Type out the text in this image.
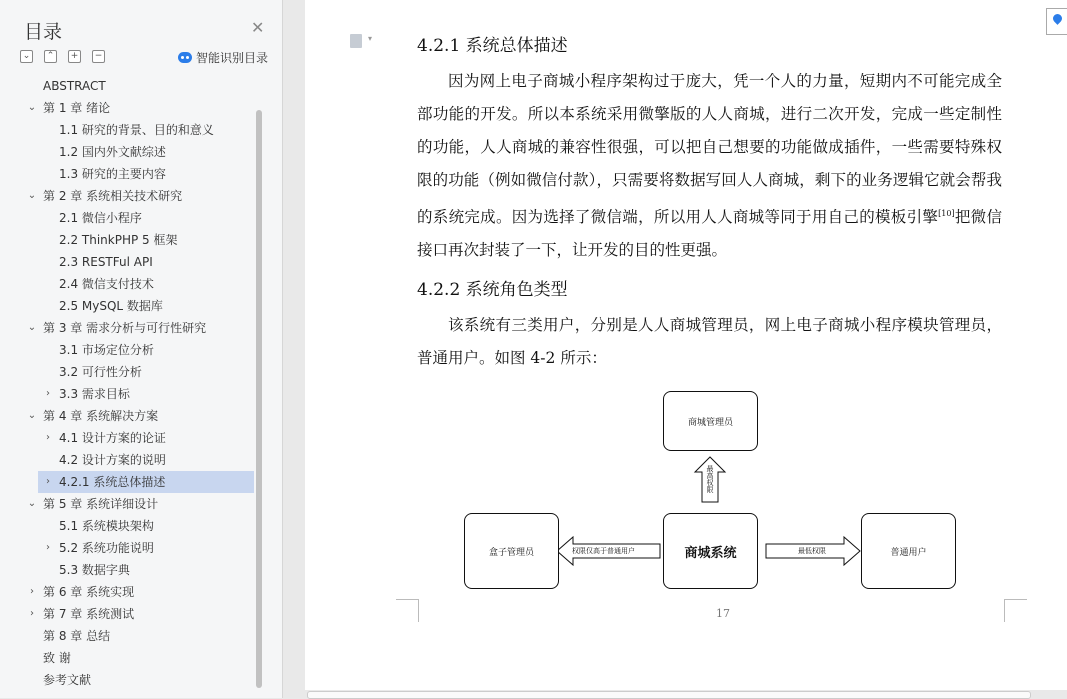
目录	✕
⌄	⌃	+	−	智能识别目录
ABSTRACT
⌄ 第 1 章 绪论
1.1 研究的背景、目的和意义
1.2 国内外文献综述
1.3 研究的主要内容
⌄ 第 2 章 系统相关技术研究
2.1 微信小程序
2.2 ThinkPHP 5 框架
2.3 RESTFul API
2.4 微信支付技术
2.5 MySQL 数据库
⌄ 第 3 章 需求分析与可行性研究
3.1 市场定位分析
3.2 可行性分析
› 3.3 需求目标
⌄ 第 4 章 系统解决方案
› 4.1 设计方案的论证
4.2 设计方案的说明
› 4.2.1 系统总体描述
⌄ 第 5 章 系统详细设计
5.1 系统模块架构
› 5.2 系统功能说明
5.3 数据字典
› 第 6 章 系统实现
› 第 7 章 系统测试
第 8 章 总结
致 谢
参考文献
▾	4.2.1 系统总体描述
因为网上电子商城小程序架构过于庞大，凭一个人的力量，短期内不可能完成全部功能的开发。所以本系统采用微擎版的人人商城，进行二次开发，完成一些定制性的功能，人人商城的兼容性很强，可以把自己想要的功能做成插件，一些需要特殊权限的功能（例如微信付款），只需要将数据写回人人商城，剩下的业务逻辑它就会帮我的系统完成。因为选择了微信端，所以用人人商城等同于用自己的模板引擎[10]把微信接口再次封装了一下，让开发的目的性更强。
4.2.2 系统角色类型
该系统有三类用户，分别是人人商城管理员，网上电子商城小程序模块管理员，普通用户。如图 4-2 所示：
商城管理员
盒子管理员	商城系统	普通用户
最高权限
权限仅高于普通用户	最低权限
17
